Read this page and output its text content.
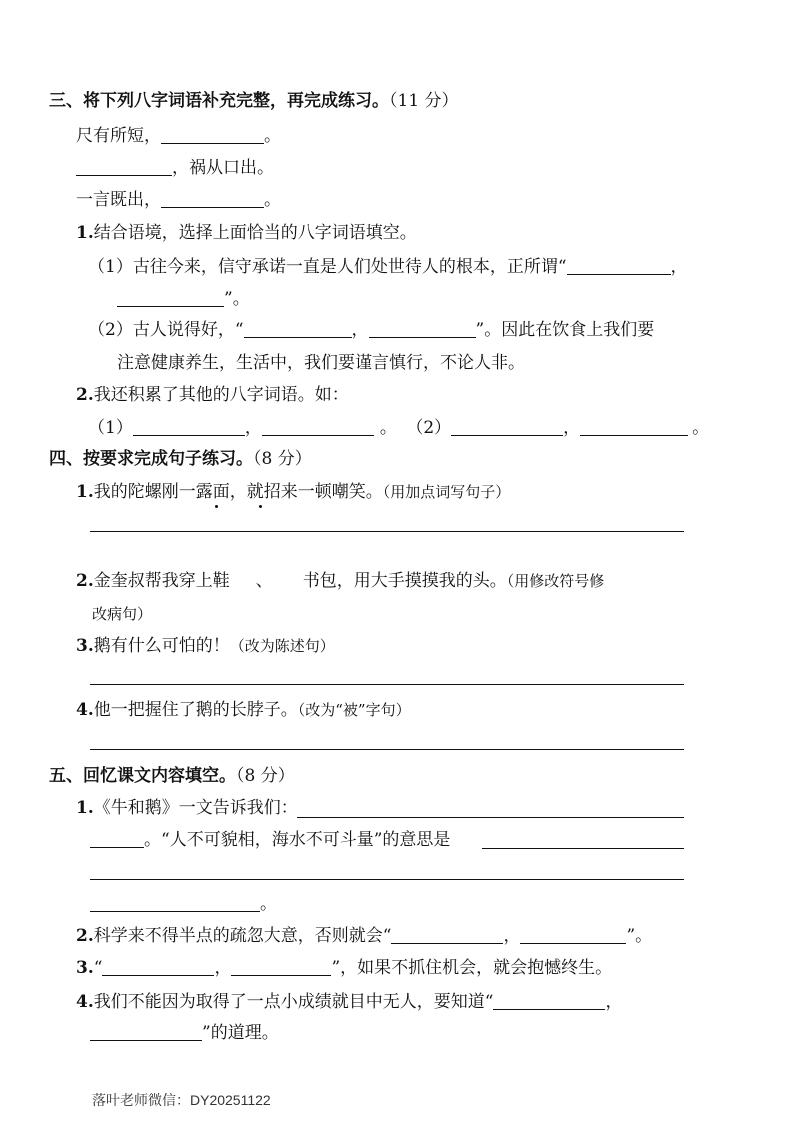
三、将下列八字词语补充完整，再完成练习。（11 分）
尺有所短，	。
，祸从口出。
一言既出，	。
1.结合语境，选择上面恰当的八字词语填空。
（1）古往今来，信守承诺一直是人们处世待人的根本，正所谓“	，
”。
（2）古人说得好，“	，	”。因此在饮食上我们要
注意健康养生，生活中，我们要谨言慎行，不论人非。
2.我还积累了其他的八字词语。如：
（1）	，	。 （2）	，	。
四、按要求完成句子练习。（8 分）
1.我的陀螺刚一露面，就招来一顿嘲笑。（用加点词写句子）
2.金奎叔帮我穿上鞋 、 书包，用大手摸摸我的头。（用修改符号修
改病句）
3.鹅有什么可怕的！（改为陈述句）
4.他一把握住了鹅的长脖子。（改为“被”字句）
五、回忆课文内容填空。（8 分）
1.《牛和鹅》一文告诉我们：
。“人不可貌相，海水不可斗量”的意思是
。
2.科学来不得半点的疏忽大意，否则就会“	，	”。
3.“	，	”，如果不抓住机会，就会抱憾终生。
4.我们不能因为取得了一点小成绩就目中无人，要知道“	，
”的道理。
落叶老师微信：DY20251122
